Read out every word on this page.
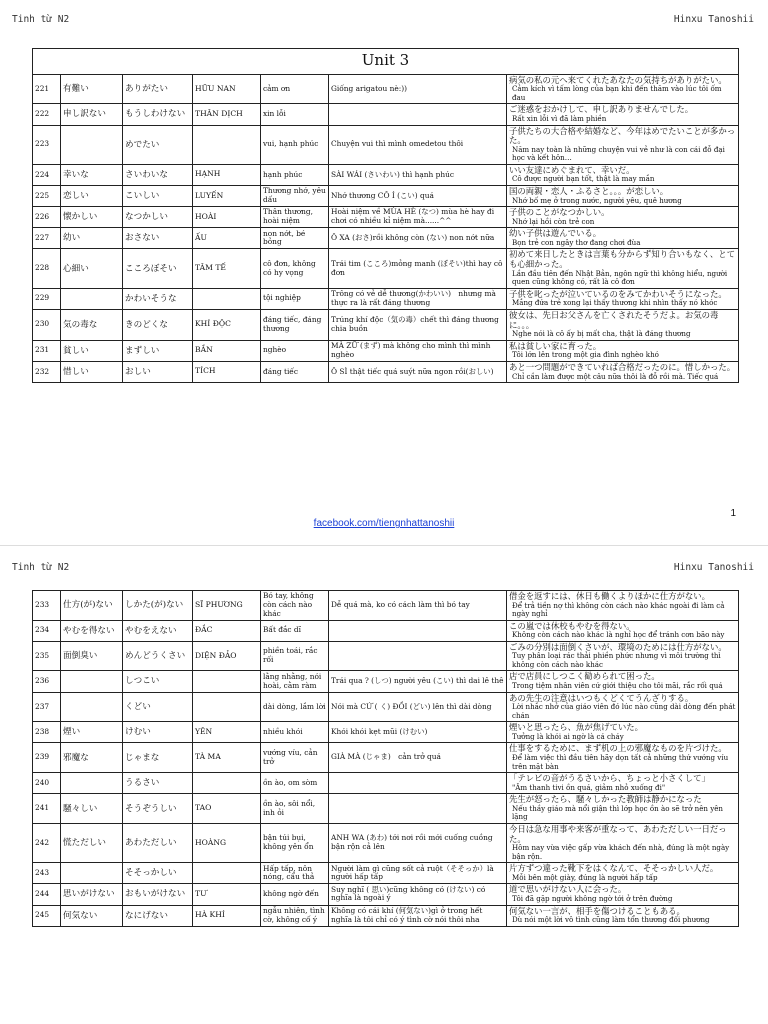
Tinh từ N2	Hinxu Tanoshii
Unit 3						
221	有難い	ありがたい	HỮU NAN	cảm ơn	Giống arigatou nè:))	病気の私の元へ来てくれたあなたの気持ちがありがたい。
Cảm kích vì tấm lòng của bạn khi đến thăm vào lúc tôi ốm đau

222	申し訳ない	もうしわけない	THÂN DỊCH	xin lỗi		ご迷惑をおかけして、申し訳ありませんでした。
Rất xin lỗi vì đã làm phiền

223		めでたい		vui, hạnh phúc	Chuyện vui thì mình omedetou thôi	子供たちの大合格や結婚など、今年はめでたいことが多かった。
Năm nay toàn là những chuyện vui vẻ như là con cái đỗ đại học và kết hôn…

224	幸いな	さいわいな	HẠNH	hạnh phúc	SÀI WÁI (さいわい) thì hạnh phúc	いい友達にめぐまれて、幸いだ。
Cô được người bạn tốt, thật là may mắn

225	恋しい	こいしい	LUYẾN	Thương nhớ, yêu dấu	Nhớ thương CÔ Í (こい) quá	国の両親・恋人・ふるさと。。。が恋しい。
Nhớ bố mẹ ở trong nước, người yêu, quê hương

226	懐かしい	なつかしい	HOÀI	Thân thương, hoài niệm	Hoài niệm về MÙA HÈ (なつ) mùa hè hay đi chơi có nhiều kỉ niệm mà......^^	子供のことがなつかしい。
Nhớ lại hồi còn trẻ con

227	幼い	おさない	ẤU	non nớt, bé bỏng	Ô XA (おさ)rồi không còn (ない) non nớt nữa	幼い子供は遊んでいる。
Bọn trẻ con ngây thơ đang chơi đùa

228	心細い	こころぼそい	TÂM TẾ	cô đơn, không có hy vọng	Trái tim (こころ)mỏng manh (ぼそい)thì hay cô đơn	初めて来日したときは言葉も分からず知り合いもなく、とても心細かった。
Lần đầu tiên đến Nhật Bản, ngôn ngữ thì không hiểu, người quen cũng không có, rất là cô đơn

229		かわいそうな		tội nghiệp	Trông có vẻ dễ thương(かわいい)　nhưng mà thực ra là rất đáng thương	子供を叱ったが泣いているのをみてかわいそうになった。
Mắng đứa trẻ xong lại thấy thương khi nhìn thấy nó khóc

230	気の毒な	きのどくな	KHÍ ĐỘC	đáng tiếc, đáng thương	Trúng khí độc（気の毒）chết thì đáng thương chia buồn	彼女は、先日お父さんを亡くされたそうだよ。お気の毒に。。。
Nghe nói là cô ấy bị mất cha, thật là đáng thương

231	貧しい	まずしい	BẦN	nghèo	MÀ ZỮ (まず) mà không cho mình thì mình nghèo	私は貧しい家に育った。
Tôi lớn lên trong một gia đình nghèo khó

232	惜しい	おしい	TÍCH	đáng tiếc	Ô SÌ thật tiếc quá suýt nữa ngon rồi(おしい)	あと一つ問題ができていれば合格だったのに。惜しかった。
Chỉ cần làm được một câu nữa thôi là đỗ rồi mà. Tiếc quá
facebook.com/tiengnhattanoshii
1
Tinh từ N2	Hinxu Tanoshii
233	仕方(が)ない	しかた(が)ない	SĨ PHƯƠNG	Bó tay, không còn cách nào khác	Dễ quá mà, ko có cách làm thì bó tay	借金を返すには、休日も働くよりほかに仕方がない。
Để trả tiền nợ thì không còn cách nào khác ngoài đi làm cả ngày nghỉ

234	やむを得ない	やむをえない	ĐẮC	Bất đắc dĩ		この嵐では休校もやむを得ない。
Không còn cách nào khác là nghỉ học để tránh cơn bão này

235	面倒臭い	めんどうくさい	DIỆN ĐẢO	phiền toái, rắc rối		ごみの分別は面倒くさいが、環境のためには仕方がない。
Tuy phân loại rác thải phiền phức nhưng vì môi trường thì không còn cách nào khác

236		しつこい		lằng nhằng, nói hoài, cằm ràm	Trái qua ? (しつ) người yêu (こい) thì dai lê thê	店で店員にしつこく勧められて困った。
Trong tiệm nhân viên cứ giới thiệu cho tôi mãi, rắc rối quá

237		くどい		dài dòng, lắm lời	Nói mà CỨ ( く) ĐỒI (どい) lên thì dài dòng	あの先生の注意はいつもくどくてうんざりする。
Lời nhắc nhở của giáo viên đó lúc nào cũng dài dòng đến phát chán

238	煙い	けむい	YÊN	nhiều khói	Khói khói kẹt mũi (けむい)	煙いと思ったら、魚が焦げていた。
Tưởng là khói ai ngờ là cá cháy

239	邪魔な	じゃまな	TÀ MA	vướng víu, cản trở	GIÀ MÀ (じゃま)　cản trở quá	仕事をするために、まず机の上の邪魔なものを片づけた。
Để làm việc thì đầu tiên hãy dọn tất cả những thứ vướng víu trên mặt bàn

240		うるさい		ồn ào, om sòm		「テレビの音がうるさいから、ちょっと小さくして」
"Âm thanh tivi ồn quá, giảm nhỏ xuống đi"

241	騒々しい	そうぞうしい	TAO	ồn ào, sôi nổi, inh ỏi		先生が怒ったら、騒々しかった教師は静かになった
Nếu thầy giáo mà nổi giận thì lớp học ồn ào sẽ trở nên yên lặng

242	慌ただしい	あわただしい	HOÀNG	bận túi bụi, không yên ổn	ANH WA (あわ) tới nơi rồi mới cuống cuồng bận rộn cả lên	今日は急な用事や来客が重なって、あわただしい一日だった。
Hôm nay vừa việc gấp vừa khách đến nhà, đúng là một ngày bận rộn.

243		そそっかしい		Hấp tấp, nôn nóng, cẩu thả	Người làm gì cũng sốt cả ruột（そそっか）là người hấp tấp	片方ずつ違った靴下をはくなんて、そそっかしい人だ。
Mỗi bên một giày, đúng là người hấp tấp

244	思いがけない	おもいがけない	TƯ	không ngờ đến	Suy nghĩ ( 思い)cũng không có (けない) có nghĩa là ngoài ý	道で思いがけない人に会った。
Tôi đã gặp người không ngờ tới ở trên đường

245	何気ない	なにげない	HÀ KHÍ	ngẫu nhiên, tình cờ, không cố ý	Không có cái khí (何気ない)gì ở trong hết nghĩa là tôi chỉ có ý tình cờ nói thôi nha	何気ない一言が、相手を傷つけることもある。
Dù nói một lời vô tình cũng làm tổn thương đối phương
